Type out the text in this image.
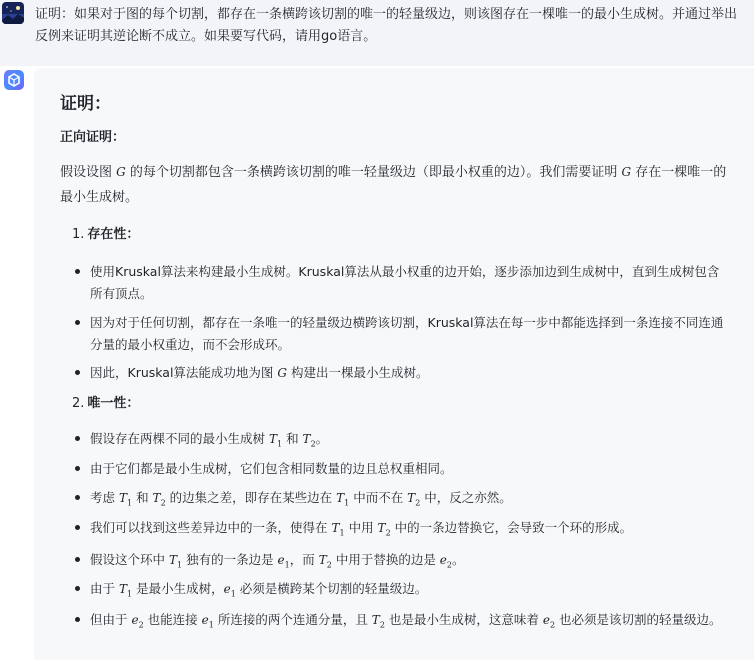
证明：如果对于图的每个切割，都存在一条横跨该切割的唯一的轻量级边，则该图存在一棵唯一的最小生成树。并通过举出反例来证明其逆论断不成立。如果要写代码，请用go语言。
证明：
正向证明：
假设设图 G 的每个切割都包含一条横跨该切割的唯一轻量级边（即最小权重的边）。我们需要证明 G 存在一棵唯一的最小生成树。
1. 存在性：
使用Kruskal算法来构建最小生成树。Kruskal算法从最小权重的边开始，逐步添加边到生成树中，直到生成树包含所有顶点。
因为对于任何切割，都存在一条唯一的轻量级边横跨该切割，Kruskal算法在每一步中都能选择到一条连接不同连通分量的最小权重边，而不会形成环。
因此，Kruskal算法能成功地为图 G 构建出一棵最小生成树。
2. 唯一性：
假设存在两棵不同的最小生成树 $T_1$ 和 $T_2$。
由于它们都是最小生成树，它们包含相同数量的边且总权重相同。
考虑 $T_1$ 和 $T_2$ 的边集之差，即存在某些边在 $T_1$ 中而不在 $T_2$ 中，反之亦然。
我们可以找到这些差异边中的一条，使得在 $T_1$ 中用 $T_2$ 中的一条边替换它，会导致一个环的形成。
假设这个环中 $T_1$ 独有的一条边是 $e_1$，而 $T_2$ 中用于替换的边是 $e_2$。
由于 $T_1$ 是最小生成树，$e_1$ 必须是横跨某个切割的轻量级边。
但由于 $e_2$ 也能连接 $e_1$ 所连接的两个连通分量，且 $T_2$ 也是最小生成树，这意味着 $e_2$ 也必须是该切割的轻量级边。
